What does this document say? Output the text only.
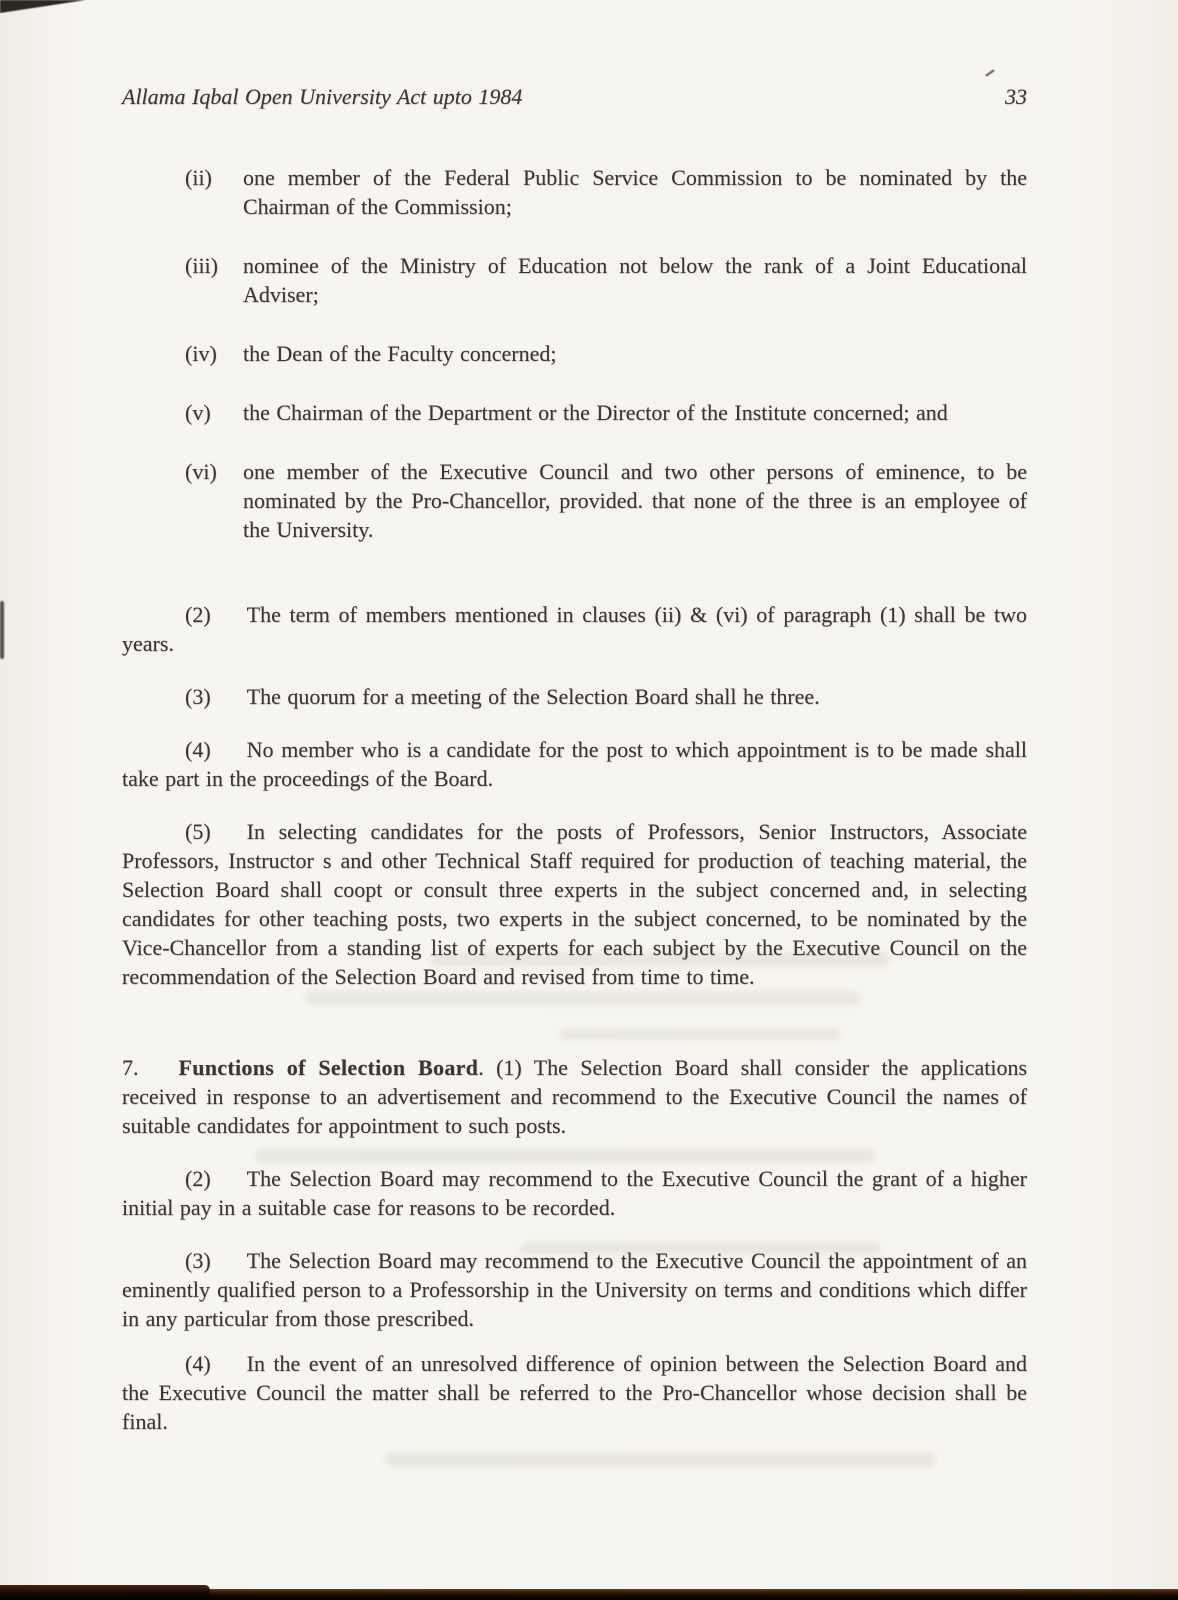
Allama Iqbal Open University Act upto 1984	33
(ii)	one member of the Federal Public Service Commission to be nominated by the Chairman of the Commission;
(iii)	nominee of the Ministry of Education not below the rank of a Joint Educational Adviser;
(iv)	the Dean of the Faculty concerned;
(v)	the Chairman of the Department or the Director of the Institute concerned; and
(vi)	one member of the Executive Council and two other persons of eminence, to be nominated by the Pro-Chancellor, provided. that none of the three is an employee of the University.

(2) The term of members mentioned in clauses (ii) & (vi) of paragraph (1) shall be two years.

(3) The quorum for a meeting of the Selection Board shall he three.

(4) No member who is a candidate for the post to which appointment is to be made shall take part in the proceedings of the Board.

(5) In selecting candidates for the posts of Professors, Senior Instructors, Associate Professors, Instructor s and other Technical Staff required for production of teaching material, the Selection Board shall coopt or consult three experts in the subject concerned and, in selecting candidates for other teaching posts, two experts in the subject concerned, to be nominated by the Vice-Chancellor from a standing list of experts for each subject by the Executive Council on the recommendation of the Selection Board and revised from time to time.

7. Functions of Selection Board. (1) The Selection Board shall consider the applications received in response to an advertisement and recommend to the Executive Council the names of suitable candidates for appointment to such posts.

(2) The Selection Board may recommend to the Executive Council the grant of a higher initial pay in a suitable case for reasons to be recorded.

(3) The Selection Board may recommend to the Executive Council the appointment of an eminently qualified person to a Professorship in the University on terms and conditions which differ in any particular from those prescribed.

(4) In the event of an unresolved difference of opinion between the Selection Board and the Executive Council the matter shall be referred to the Pro-Chancellor whose decision shall be final.
